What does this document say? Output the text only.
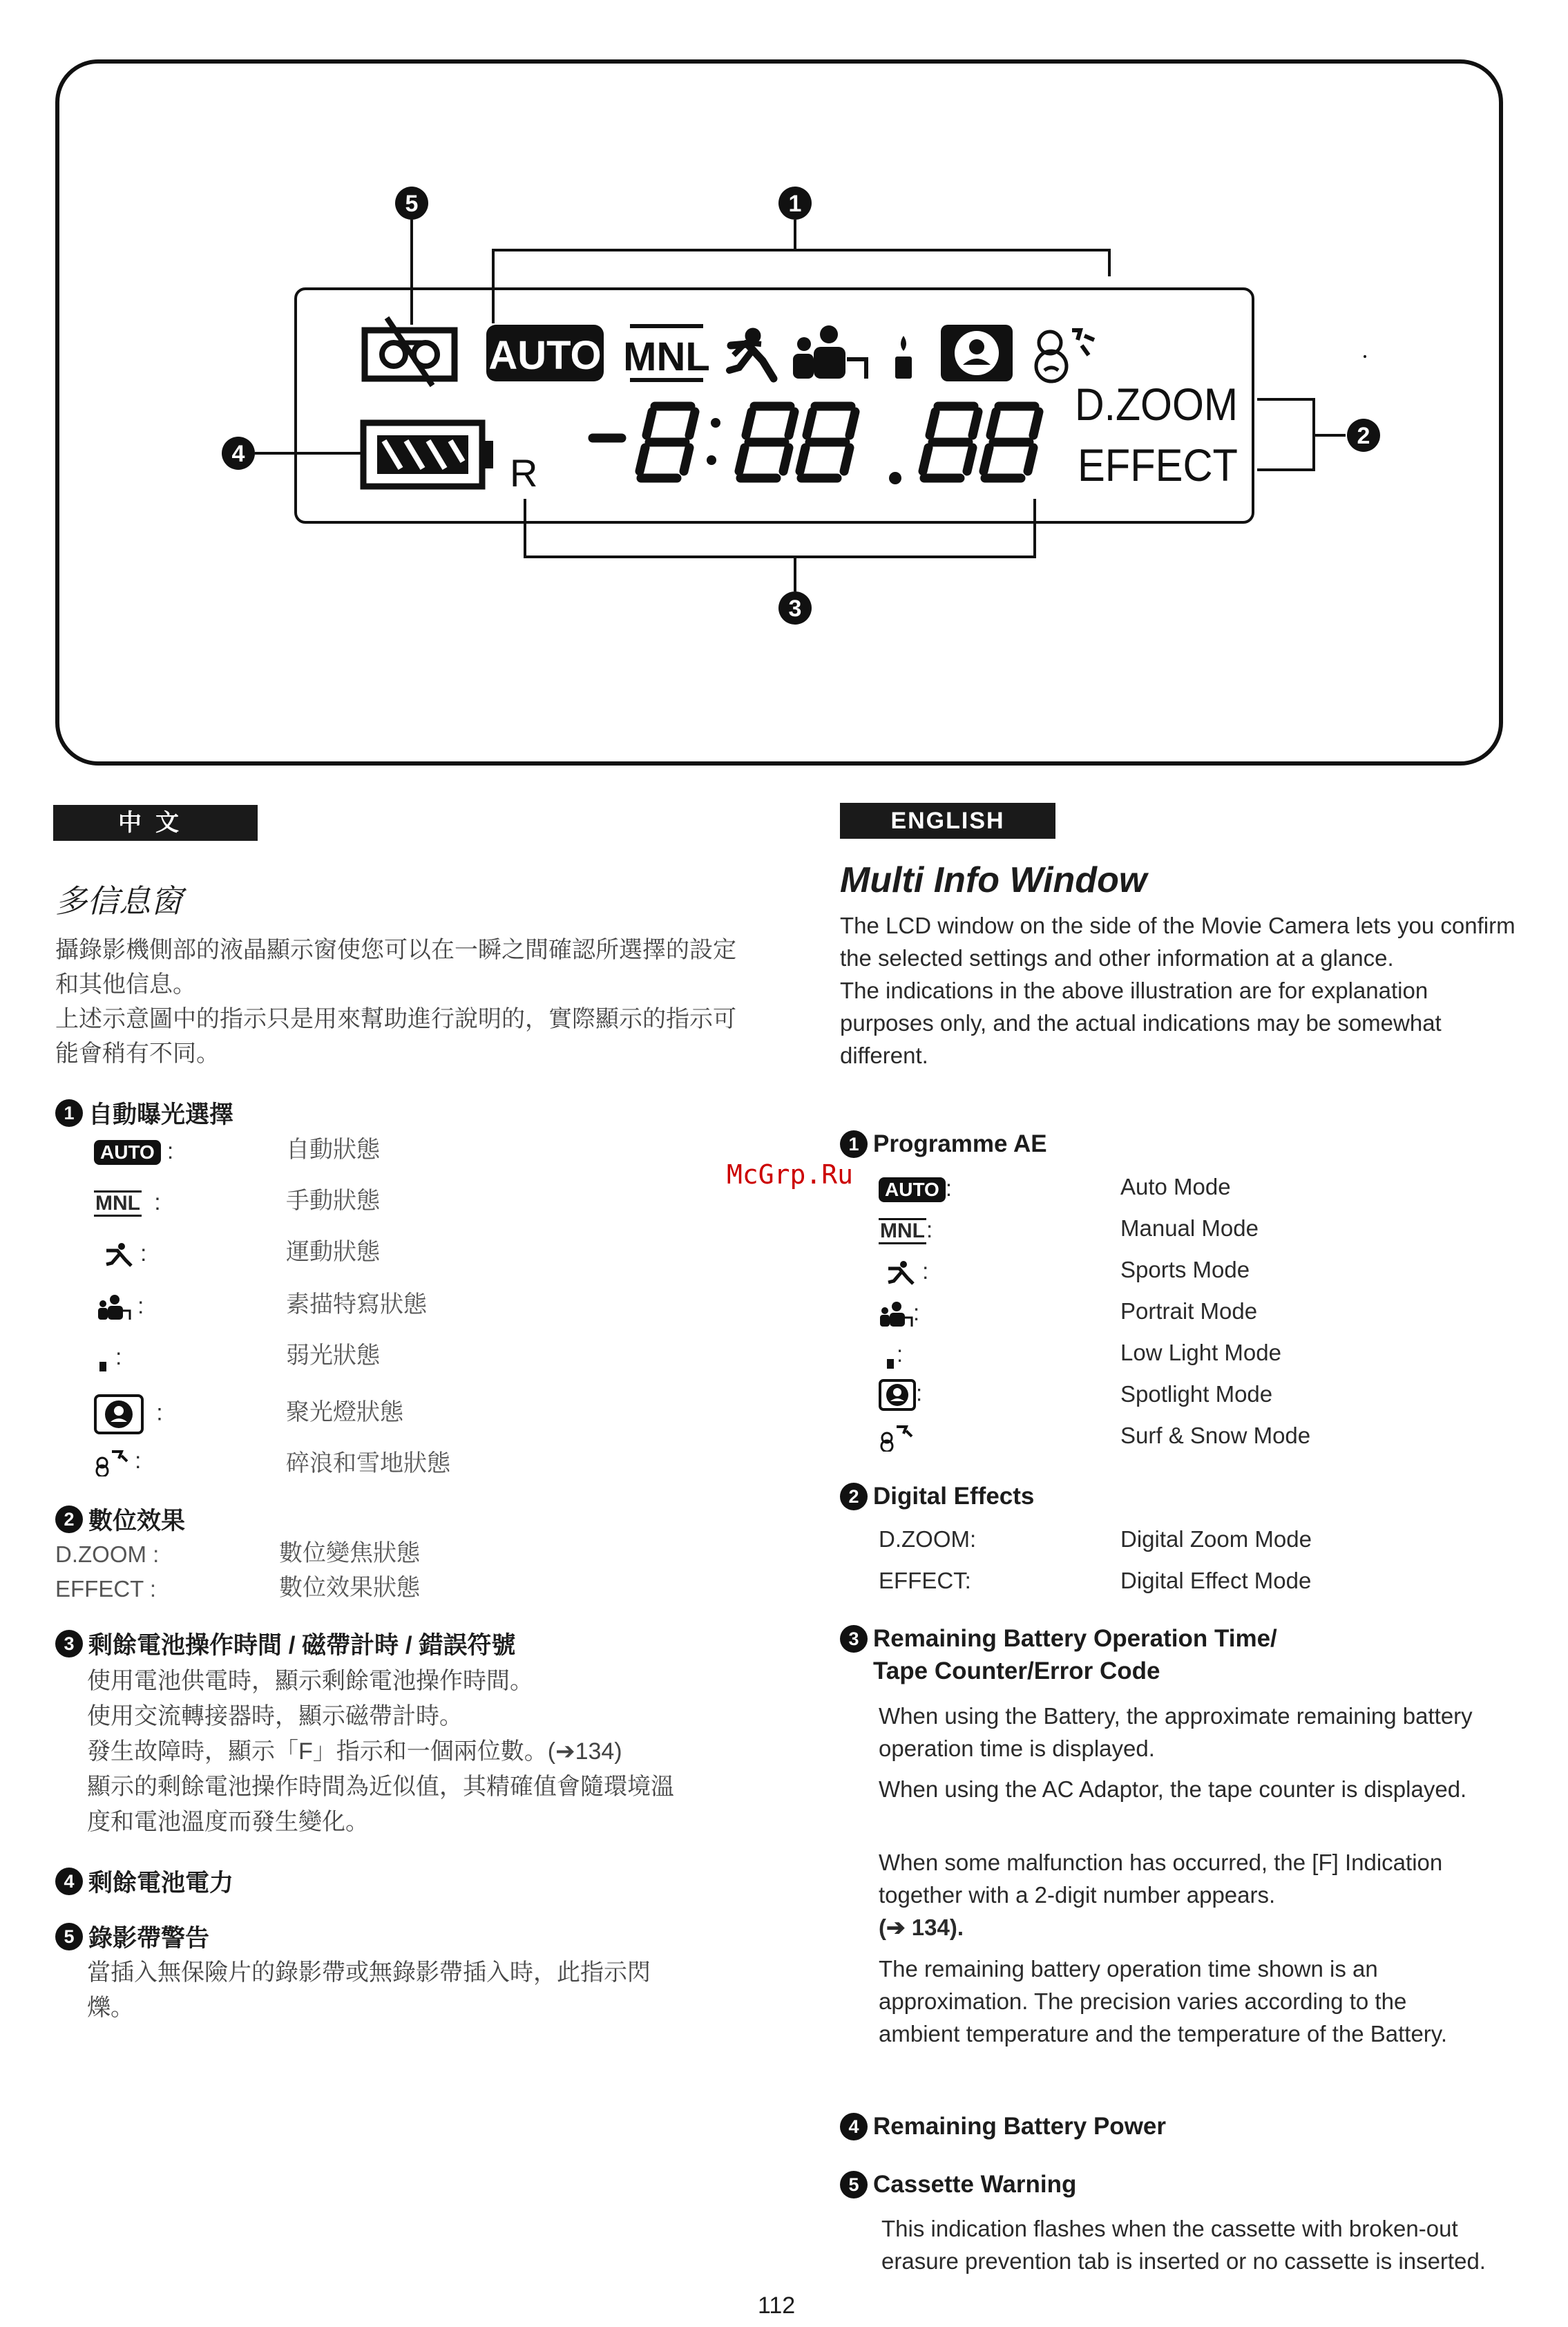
5	1
2
3
4
AUTO MNL
R
D.ZOOM
EFFECT
中文
多信息窗
攝錄影機側部的液晶顯示窗使您可以在一瞬之間確認所選擇的設定和其他信息。
上述示意圖中的指示只是用來幫助進行說明的，實際顯示的指示可能會稍有不同。
1 自動曝光選擇
AUTO :	自動狀態
MNL  :	手動狀態
:	運動狀態
:	素描特寫狀態
:	弱光狀態
:	聚光燈狀態
:	碎浪和雪地狀態
2 數位效果
D.ZOOM :	數位變焦狀態
EFFECT :	數位效果狀態
3 剩餘電池操作時間 / 磁帶計時 / 錯誤符號
使用電池供電時，顯示剩餘電池操作時間。
使用交流轉接器時，顯示磁帶計時。
發生故障時，顯示「F」指示和一個兩位數。(➔134)
顯示的剩餘電池操作時間為近似值，其精確值會隨環境溫
度和電池溫度而發生變化。
4 剩餘電池電力
5 錄影帶警告
當插入無保險片的錄影帶或無錄影帶插入時，此指示閃
爍。
McGrp.Ru
ENGLISH
Multi Info Window
The LCD window on the side of the Movie Camera lets you confirm the selected settings and other information at a glance.
The indications in the above illustration are for explanation purposes only, and the actual indications may be somewhat different.
1 Programme AE
AUTO :	Auto Mode
MNL:	Manual Mode
:	Sports Mode
:	Portrait Mode
:	Low Light Mode
:	Spotlight Mode
Surf & Snow Mode
2 Digital Effects
D.ZOOM:	Digital Zoom Mode
EFFECT:	Digital Effect Mode
3 Remaining Battery Operation Time/
Tape Counter/Error Code
When using the Battery, the approximate remaining battery operation time is displayed.
When using the AC Adaptor, the tape counter is displayed.
When some malfunction has occurred, the [F] Indication together with a 2-digit number appears.
(➔ 134).
The remaining battery operation time shown is an approximation. The precision varies according to the ambient temperature and the temperature of the Battery.
4 Remaining Battery Power
5 Cassette Warning
This indication flashes when the cassette with broken-out erasure prevention tab is inserted or no cassette is inserted.
112
